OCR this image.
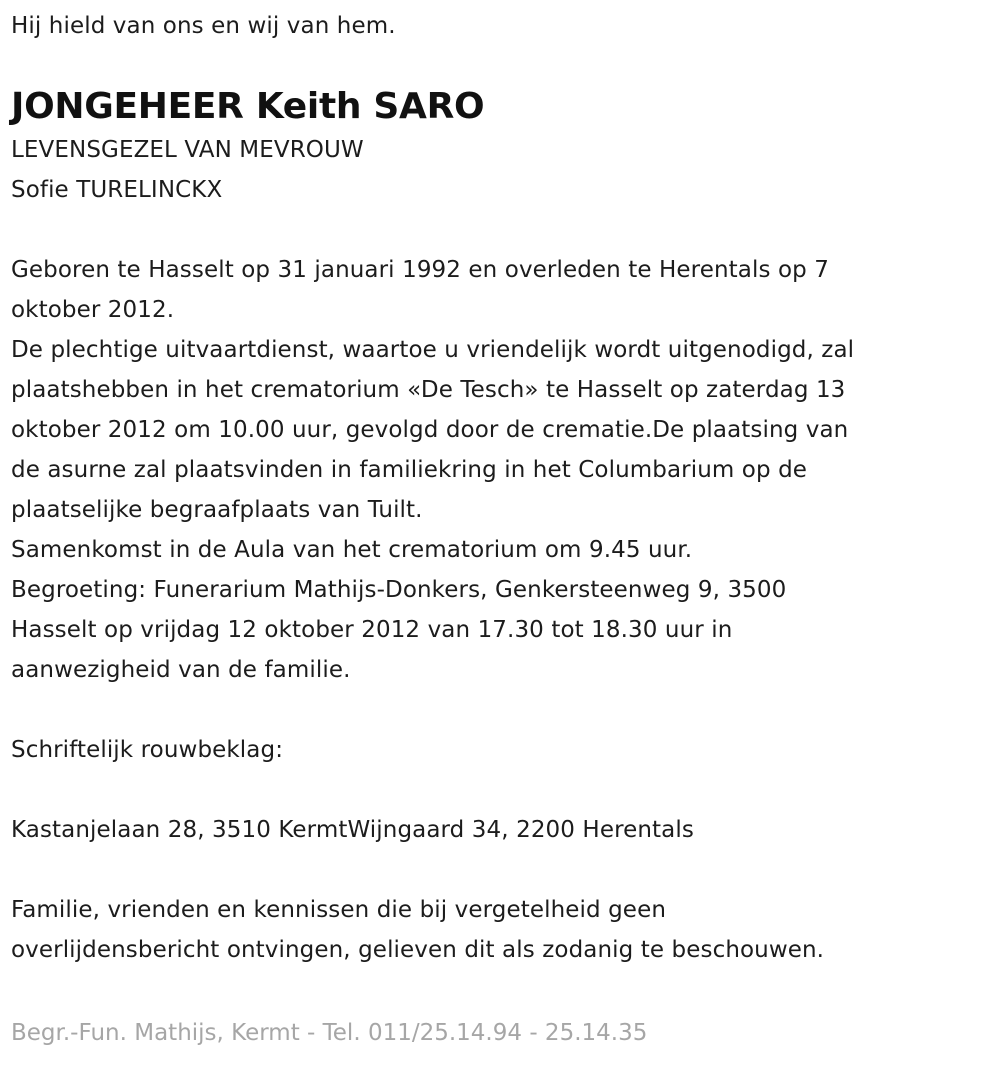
Hij hield van ons en wij van hem.
JONGEHEER Keith SARO
LEVENSGEZEL VAN MEVROUW
Sofie TURELINCKX
Geboren te Hasselt op 31 januari 1992 en overleden te Herentals op 7
oktober 2012.
De plechtige uitvaartdienst, waartoe u vriendelijk wordt uitgenodigd, zal
plaatshebben in het crematorium «De Tesch» te Hasselt op zaterdag 13
oktober 2012 om 10.00 uur, gevolgd door de crematie.De plaatsing van
de asurne zal plaatsvinden in familiekring in het Columbarium op de
plaatselijke begraafplaats van Tuilt.
Samenkomst in de Aula van het crematorium om 9.45 uur.
Begroeting: Funerarium Mathijs-Donkers, Genkersteenweg 9, 3500
Hasselt op vrijdag 12 oktober 2012 van 17.30 tot 18.30 uur in
aanwezigheid van de familie.
Schriftelijk rouwbeklag:
Kastanjelaan 28, 3510 KermtWijngaard 34, 2200 Herentals
Familie, vrienden en kennissen die bij vergetelheid geen
overlijdensbericht ontvingen, gelieven dit als zodanig te beschouwen.
Begr.-Fun. Mathijs, Kermt - Tel. 011/25.14.94 - 25.14.35
